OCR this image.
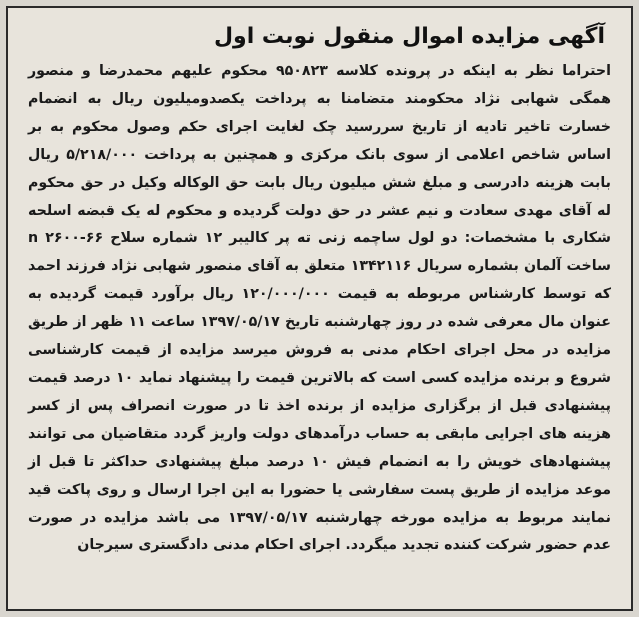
آگهی مزایده اموال منقول نوبت اول

احتراما نظر به اینکه در پرونده کلاسه ۹۵۰۸۲۳ محکوم علیهم محمدرضا و منصور همگی شهابی نژاد محکومند متضامنا به پرداخت یکصدومیلیون ریال به انضمام خسارت تاخیر تادیه از تاریخ سررسید چک لغایت اجرای حکم وصول محکوم به بر اساس شاخص اعلامی از سوی بانک مرکزی و همچنین به پرداخت ۵/۲۱۸/۰۰۰ ریال بابت هزینه دادرسی و مبلغ شش میلیون ریال بابت حق الوکاله وکیل در حق محکوم له آقای مهدی سعادت و نیم عشر در حق دولت گردیده و محکوم له یک قبضه اسلحه شکاری با مشخصات: دو لول ساچمه زنی ته پر کالیبر ۱۲ شماره سلاح ۶۶-۲۶۰۰ n ساخت آلمان بشماره سریال ۱۳۴۲۱۱۶ متعلق به آقای منصور شهابی نژاد فرزند احمد که توسط کارشناس مربوطه به قیمت ۱۲۰/۰۰۰/۰۰۰ ریال برآورد قیمت گردیده به عنوان مال معرفی شده در روز چهارشنبه تاریخ ۱۳۹۷/۰۵/۱۷ ساعت ۱۱ ظهر از طریق مزایده در محل اجرای احکام مدنی به فروش میرسد مزایده از قیمت کارشناسی شروع و برنده مزایده کسی است که بالاترین قیمت را پیشنهاد نماید ۱۰ درصد قیمت پیشنهادی قبل از برگزاری مزایده از برنده اخذ تا در صورت انصراف پس از کسر هزینه های اجرایی مابقی به حساب درآمدهای دولت واریز گردد متقاضیان می توانند پیشنهادهای خویش را به انضمام فیش ۱۰ درصد مبلغ پیشنهادی حداکثر تا قبل از موعد مزایده از طریق پست سفارشی یا حضورا به این اجرا ارسال و روی پاکت قید نمایند مربوط به مزایده مورخه چهارشنبه ۱۳۹۷/۰۵/۱۷ می باشد مزایده در صورت عدم حضور شرکت کننده تجدید میگردد. اجرای احکام مدنی دادگستری سیرجان
